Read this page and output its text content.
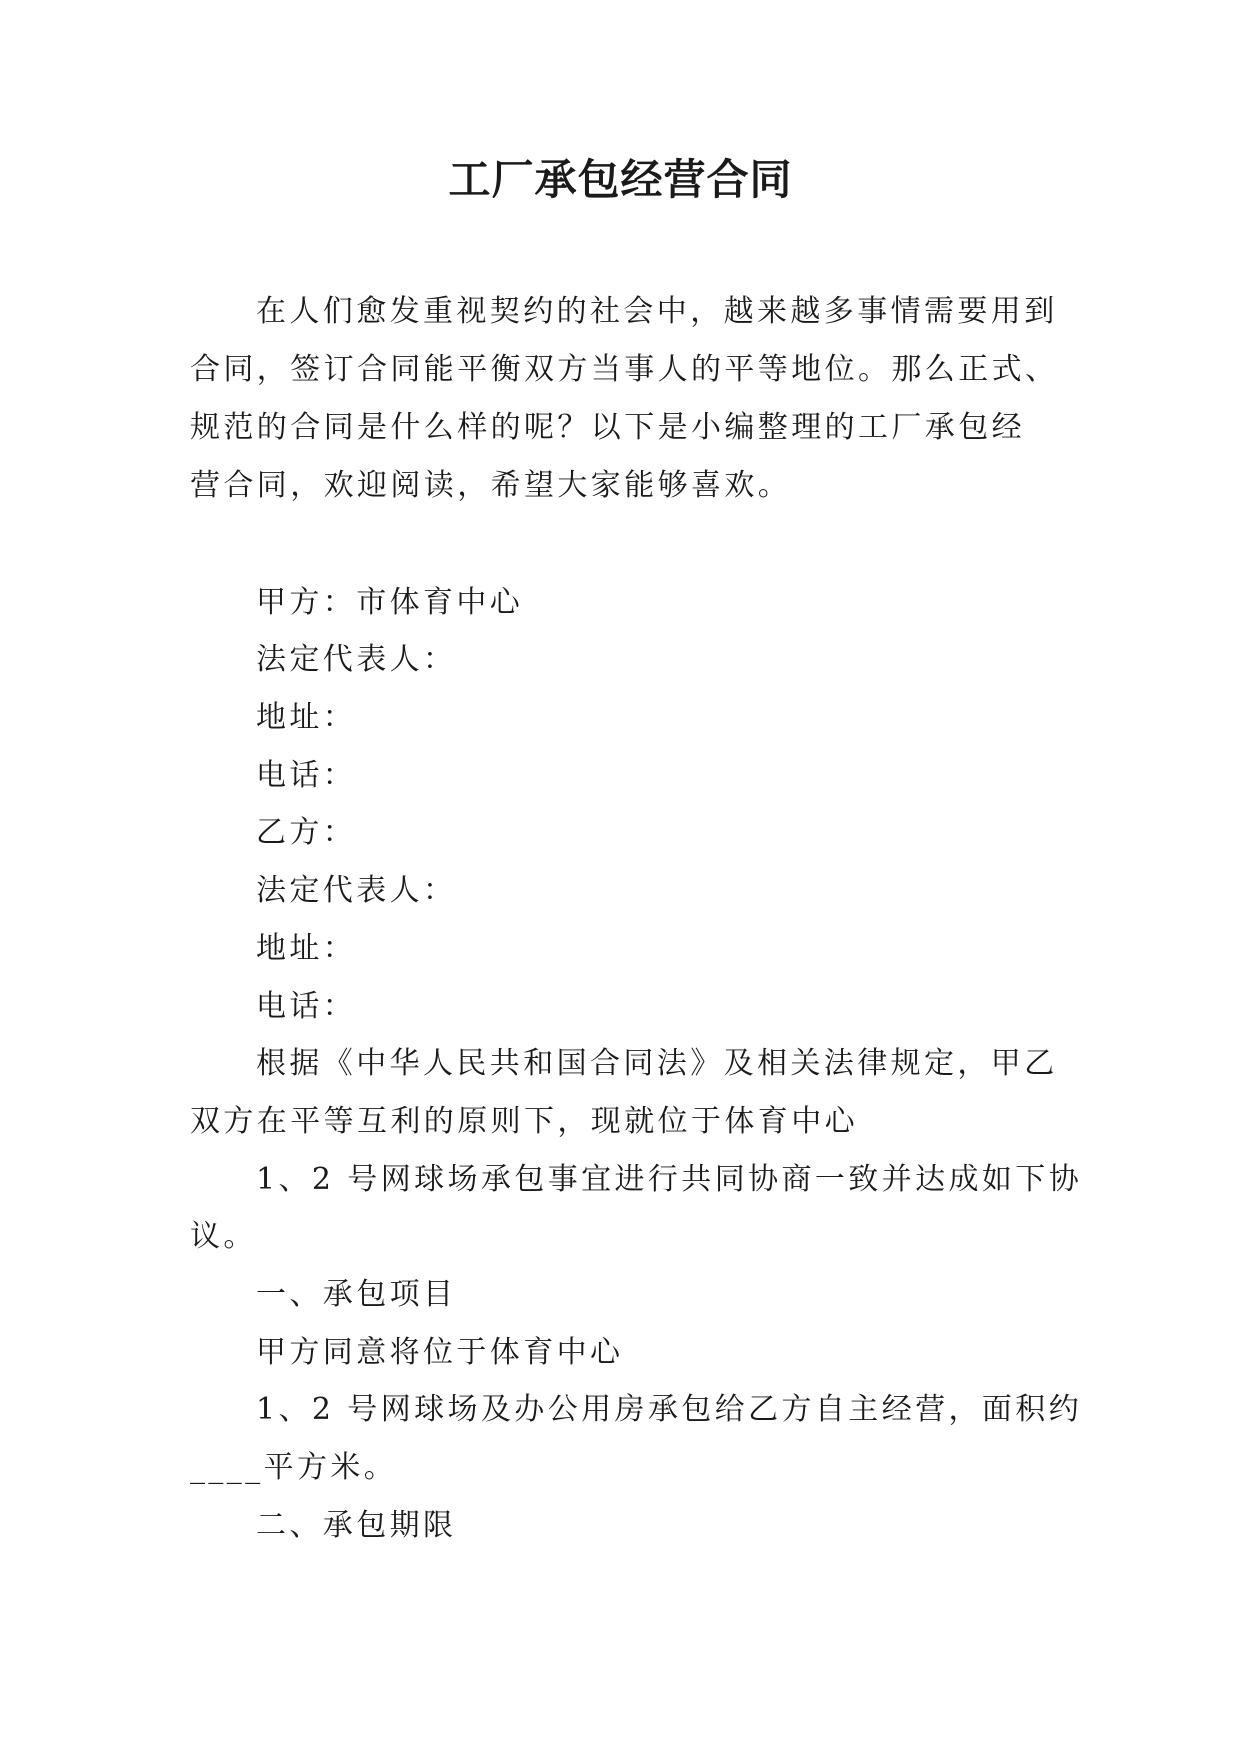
工厂承包经营合同
在人们愈发重视契约的社会中，越来越多事情需要用到
合同，签订合同能平衡双方当事人的平等地位。那么正式、
规范的合同是什么样的呢？以下是小编整理的工厂承包经
营合同，欢迎阅读，希望大家能够喜欢。
甲方：市体育中心
法定代表人：
地址：
电话：
乙方：
法定代表人：
地址：
电话：
根据《中华人民共和国合同法》及相关法律规定，甲乙
双方在平等互利的原则下，现就位于体育中心
1、2 号网球场承包事宜进行共同协商一致并达成如下协
议。
一、承包项目
甲方同意将位于体育中心
1、2 号网球场及办公用房承包给乙方自主经营，面积约
____平方米。
二、承包期限
